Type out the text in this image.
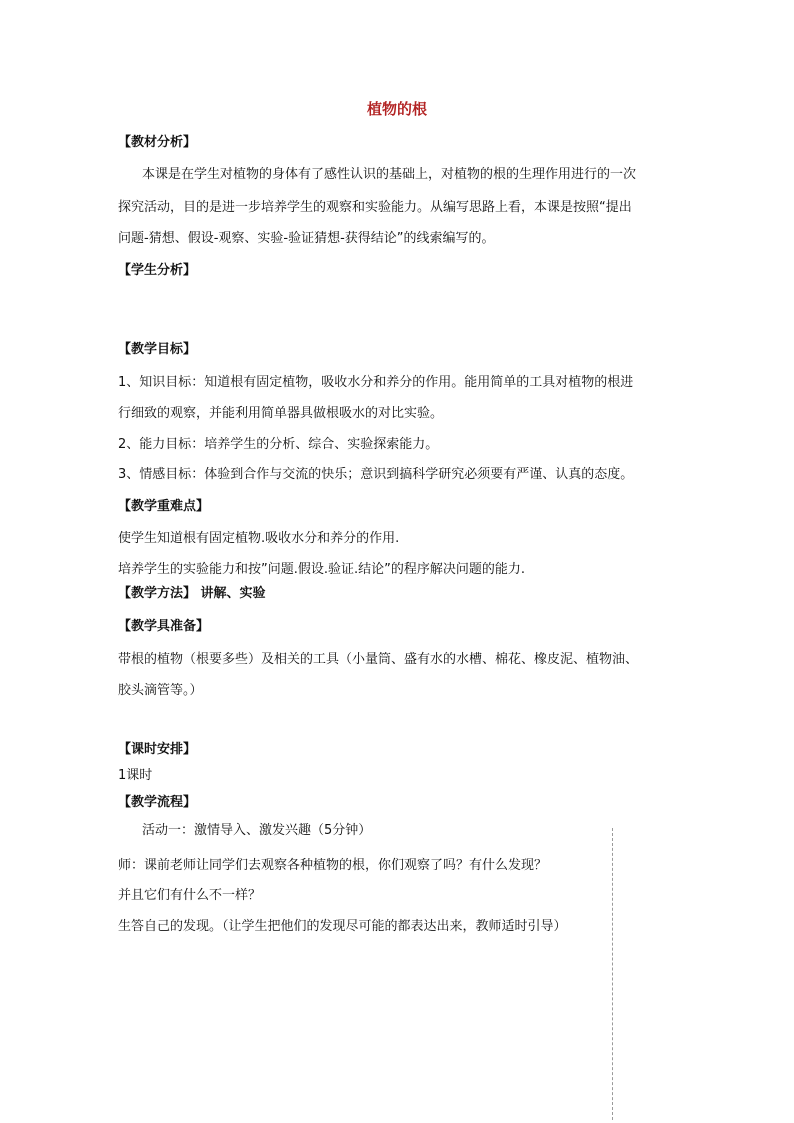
植物的根
【教材分析】
本课是在学生对植物的身体有了感性认识的基础上，对植物的根的生理作用进行的一次
探究活动，目的是进一步培养学生的观察和实验能力。从编写思路上看，本课是按照“提出
问题-猜想、假设-观察、实验-验证猜想-获得结论”的线索编写的。
【学生分析】
【教学目标】
1、知识目标：知道根有固定植物，吸收水分和养分的作用。能用简单的工具对植物的根进
行细致的观察，并能利用简单器具做根吸水的对比实验。
2、能力目标：培养学生的分析、综合、实验探索能力。
3、情感目标：体验到合作与交流的快乐；意识到搞科学研究必须要有严谨、认真的态度。
【教学重难点】
使学生知道根有固定植物.吸收水分和养分的作用.
培养学生的实验能力和按”问题.假设.验证.结论”的程序解决问题的能力.
【教学方法】 讲解、实验
【教学具准备】
带根的植物（根要多些）及相关的工具（小量筒、盛有水的水槽、棉花、橡皮泥、植物油、
胶头滴管等。）
【课时安排】
1课时
【教学流程】
活动一：激情导入、激发兴趣（5分钟）
师：课前老师让同学们去观察各种植物的根，你们观察了吗？有什么发现？
并且它们有什么不一样？
生答自己的发现。（让学生把他们的发现尽可能的都表达出来，教师适时引导）
